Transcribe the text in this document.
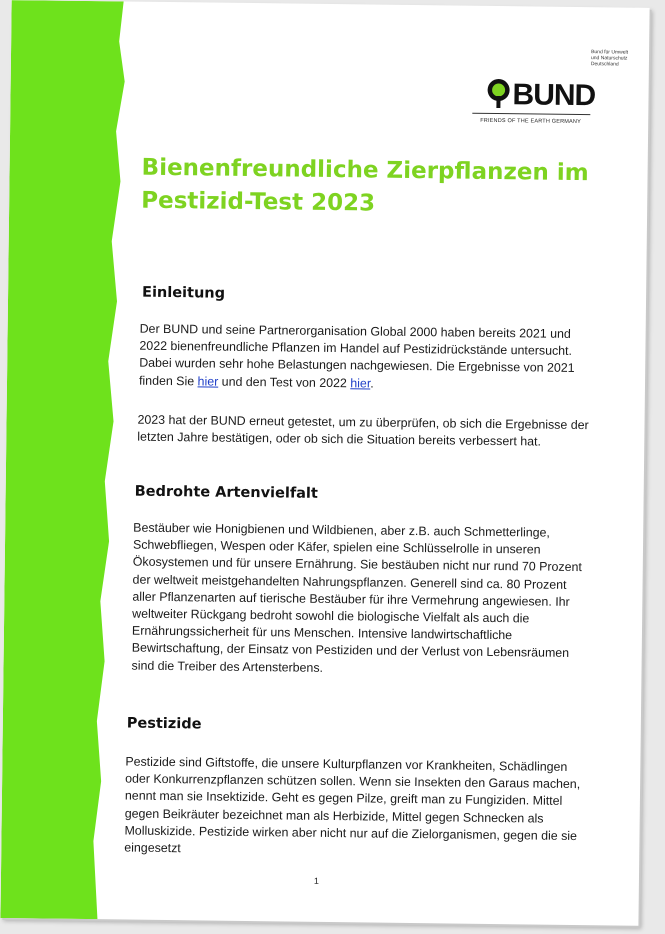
Bund für Umwelt und Naturschutz Deutschland
BUND
FRIENDS OF THE EARTH GERMANY
Bienenfreundliche Zierpflanzen im Pestizid-Test 2023
Einleitung

Der BUND und seine Partnerorganisation Global 2000 haben bereits 2021 und 2022 bienenfreundliche Pflanzen im Handel auf Pestizidrückstände untersucht. Dabei wurden sehr hohe Belastungen nachgewiesen. Die Ergebnisse von 2021 finden Sie hier und den Test von 2022 hier.

2023 hat der BUND erneut getestet, um zu überprüfen, ob sich die Ergebnisse der letzten Jahre bestätigen, oder ob sich die Situation bereits verbessert hat.

Bedrohte Artenvielfalt

Bestäuber wie Honigbienen und Wildbienen, aber z.B. auch Schmetterlinge, Schwebfliegen, Wespen oder Käfer, spielen eine Schlüsselrolle in unseren Ökosystemen und für unsere Ernährung. Sie bestäuben nicht nur rund 70 Prozent der weltweit meistgehandelten Nahrungspflanzen. Generell sind ca. 80 Prozent aller Pflanzenarten auf tierische Bestäuber für ihre Vermehrung angewiesen. Ihr weltweiter Rückgang bedroht sowohl die biologische Vielfalt als auch die Ernährungssicherheit für uns Menschen. Intensive landwirtschaftliche Bewirtschaftung, der Einsatz von Pestiziden und der Verlust von Lebensräumen sind die Treiber des Artensterbens.

Pestizide

Pestizide sind Giftstoffe, die unsere Kulturpflanzen vor Krankheiten, Schädlingen oder Konkurrenzpflanzen schützen sollen. Wenn sie Insekten den Garaus machen, nennt man sie Insektizide. Geht es gegen Pilze, greift man zu Fungiziden. Mittel gegen Beikräuter bezeichnet man als Herbizide, Mittel gegen Schnecken als Molluskizide. Pestizide wirken aber nicht nur auf die Zielorganismen, gegen die sie eingesetzt

1
